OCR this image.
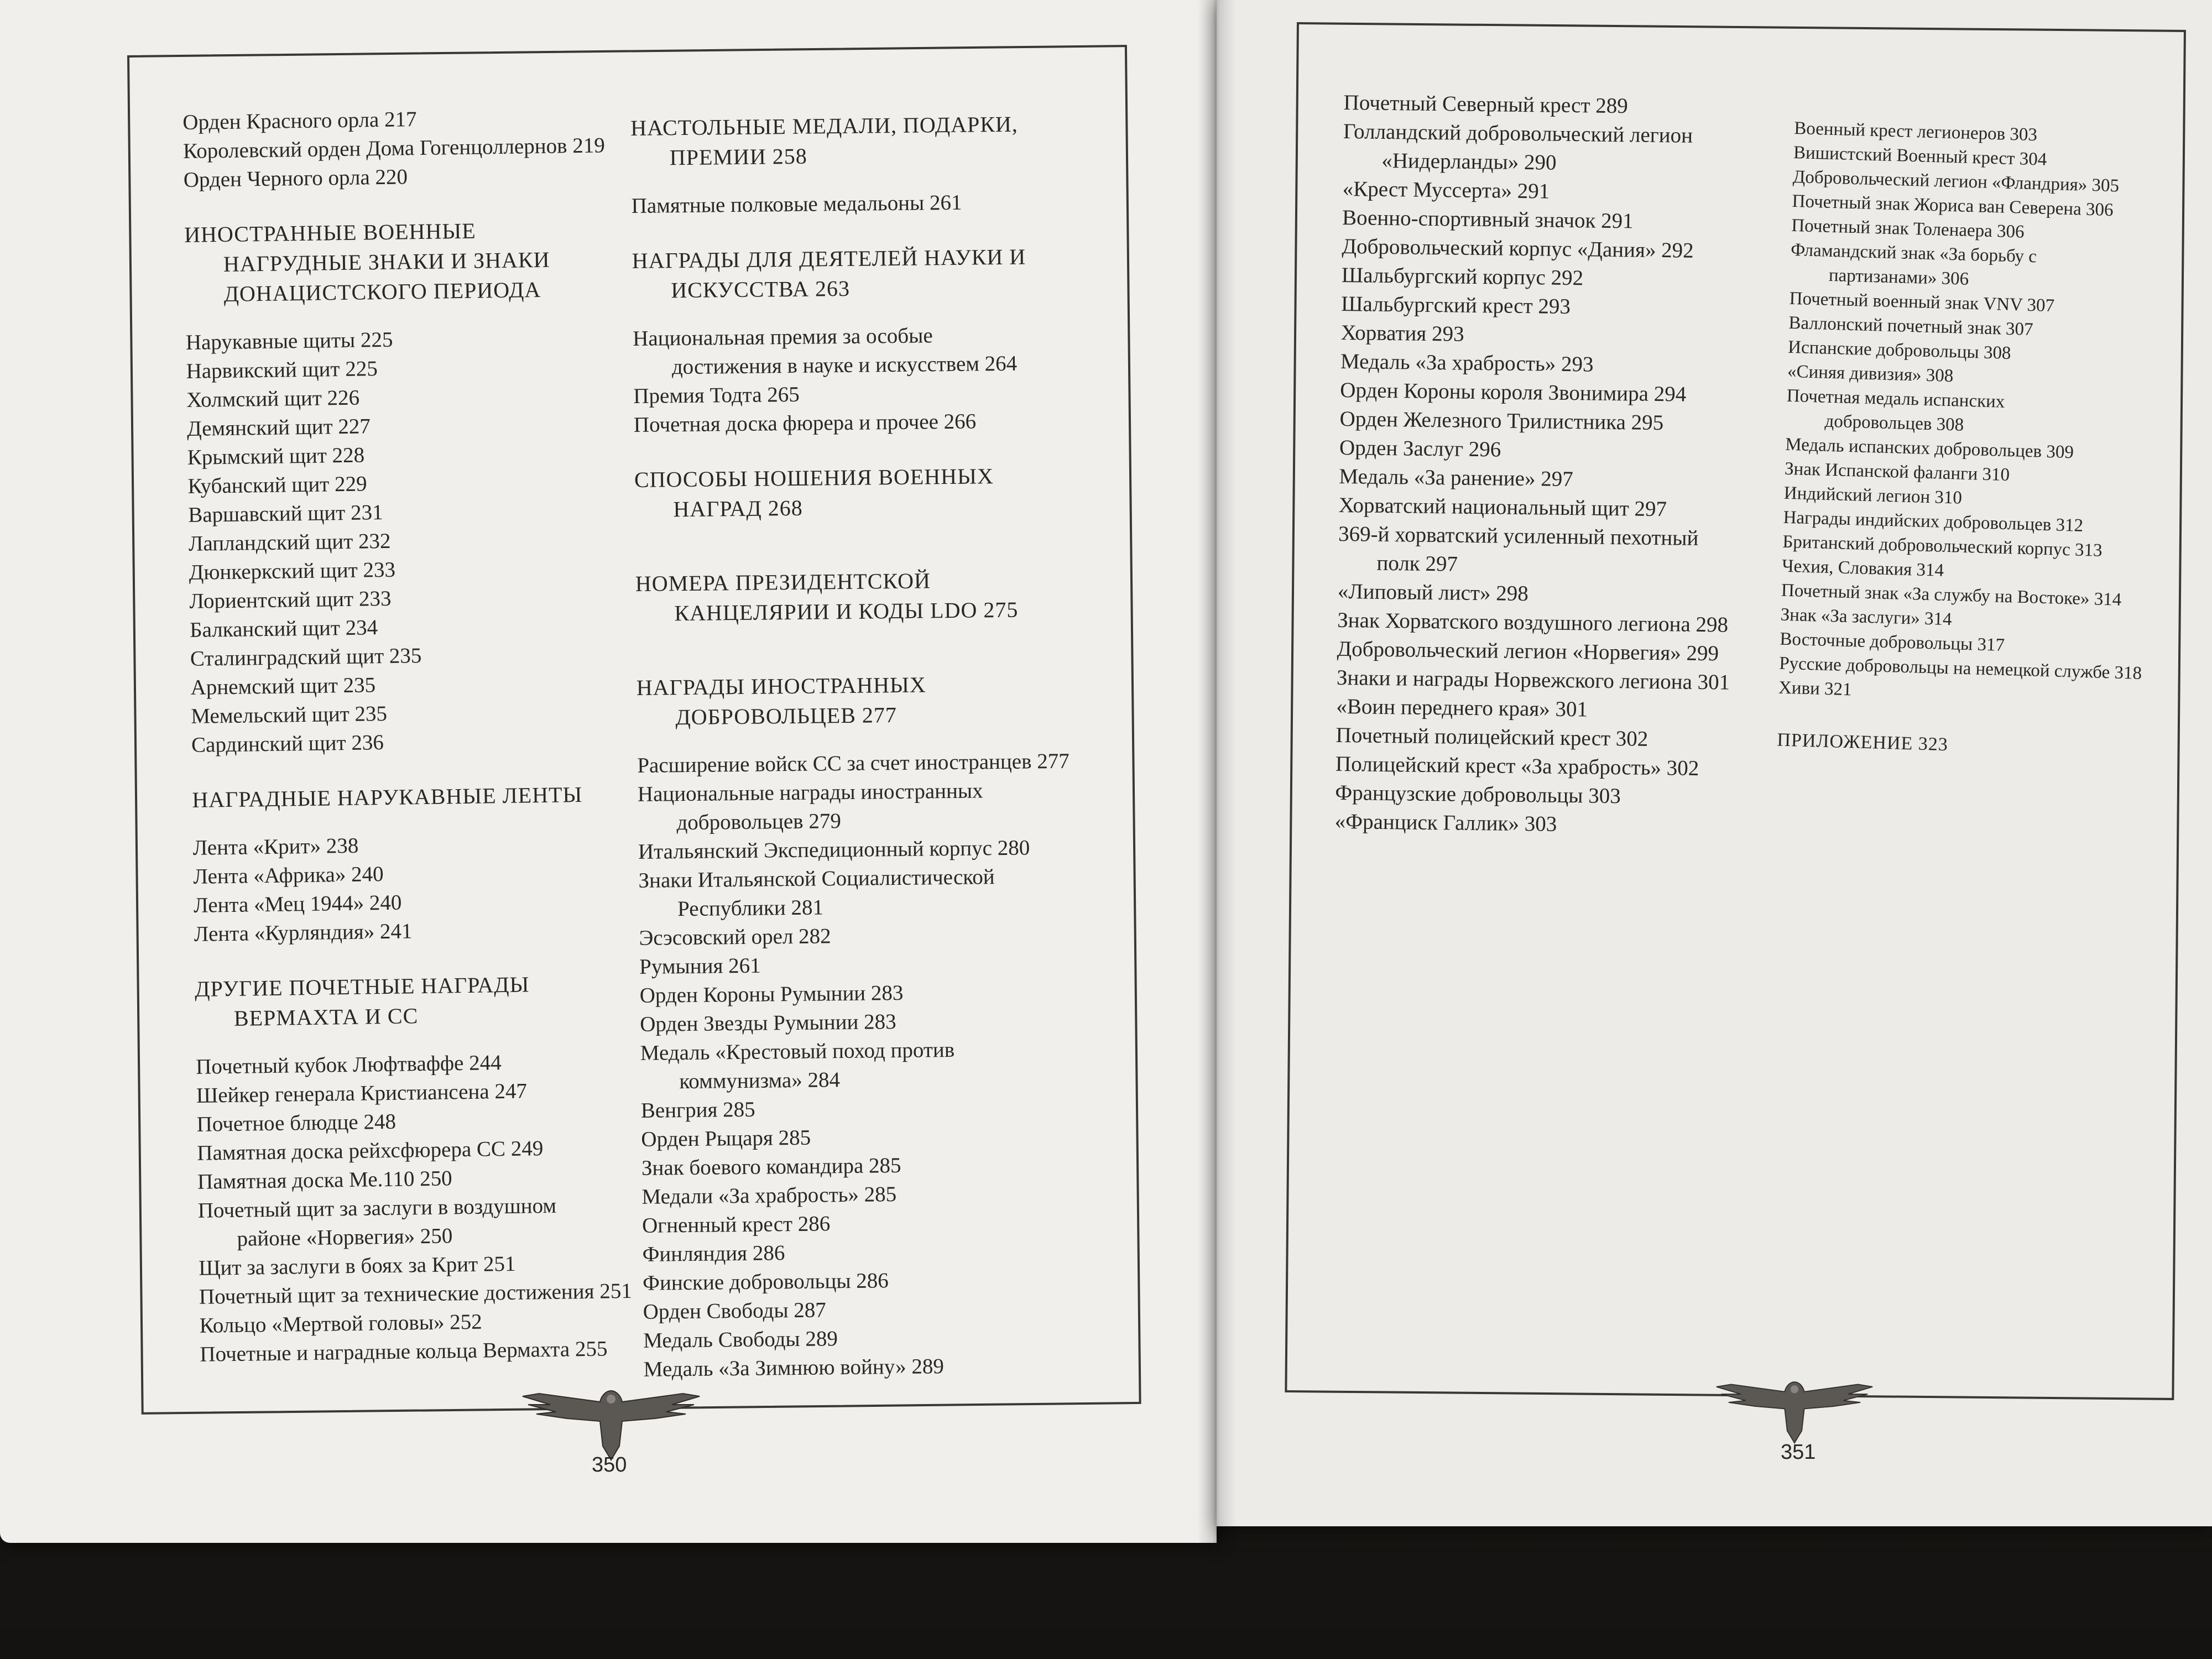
Орден Красного орла 217
Королевский орден Дома Гогенцоллернов 219
Орден Черного орла 220
ИНОСТРАННЫЕ ВОЕННЫЕ

НАГРУДНЫЕ ЗНАКИ И ЗНАКИ
ДОНАЦИСТСКОГО ПЕРИОДА
Нарукавные щиты 225
Нарвикский щит 225
Холмский щит 226
Демянский щит 227
Крымский щит 228
Кубанский щит 229
Варшавский щит 231
Лапландский щит 232
Дюнкеркский щит 233
Лориентский щит 233
Балканский щит 234
Сталинградский щит 235
Арнемский щит 235
Мемельский щит 235
Сардинский щит 236
НАГРАДНЫЕ НАРУКАВНЫЕ ЛЕНТЫ
Лента «Крит» 238
Лента «Африка» 240
Лента «Мец 1944» 240
Лента «Курляндия» 241
ДРУГИЕ ПОЧЕТНЫЕ НАГРАДЫ

ВЕРМАХТА И СС
Почетный кубок Люфтваффе 244
Шейкер генерала Кристиансена 247
Почетное блюдце 248
Памятная доска рейхсфюрера СС 249
Памятная доска Ме.110 250
Почетный щит за заслуги в воздушном
районе «Норвегия» 250
Щит за заслуги в боях за Крит 251
Почетный щит за технические достижения 251
Кольцо «Мертвой головы» 252
Почетные и наградные кольца Вермахта 255
НАСТОЛЬНЫЕ МЕДАЛИ, ПОДАРКИ,

ПРЕМИИ 258
Памятные полковые медальоны 261
НАГРАДЫ ДЛЯ ДЕЯТЕЛЕЙ НАУКИ И

ИСКУССТВА 263
Национальная премия за особые
достижения в науке и искусствем 264
Премия Тодта 265
Почетная доска фюрера и прочее 266
СПОСОБЫ НОШЕНИЯ ВОЕННЫХ

НАГРАД 268
НОМЕРА ПРЕЗИДЕНТСКОЙ

КАНЦЕЛЯРИИ И КОДЫ LDO 275
НАГРАДЫ ИНОСТРАННЫХ

ДОБРОВОЛЬЦЕВ 277
Расширение войск СС за счет иностранцев 277
Национальные награды иностранных
добровольцев 279
Итальянский Экспедиционный корпус 280
Знаки Итальянской Социалистической
Республики 281
Эсэсовский орел 282
Румыния 261
Орден Короны Румынии 283
Орден Звезды Румынии 283
Медаль «Крестовый поход против
коммунизма» 284
Венгрия 285
Орден Рыцаря 285
Знак боевого командира 285
Медали «За храбрость» 285
Огненный крест 286
Финляндия 286
Финские добровольцы 286
Орден Свободы 287
Медаль Свободы 289
Медаль «За Зимнюю войну» 289
Почетный Северный крест 289
Голландский добровольческий легион
«Нидерланды» 290
«Крест Муссерта» 291
Военно-спортивный значок 291
Добровольческий корпус «Дания» 292
Шальбургский корпус 292
Шальбургский крест 293
Хорватия 293
Медаль «За храбрость» 293
Орден Короны короля Звонимира 294
Орден Железного Трилистника 295
Орден Заслуг 296
Медаль «За ранение» 297
Хорватский национальный щит 297
369-й хорватский усиленный пехотный
полк 297
«Липовый лист» 298
Знак Хорватского воздушного легиона 298
Добровольческий легион «Норвегия» 299
Знаки и награды Норвежского легиона 301
«Воин переднего края» 301
Почетный полицейский крест 302
Полицейский крест «За храбрость» 302
Французские добровольцы 303
«Франциск Галлик» 303
Военный крест легионеров 303
Вишистский Военный крест 304
Добровольческий легион «Фландрия» 305
Почетный знак Жориса ван Северена 306
Почетный знак Толенаера 306
Фламандский знак «За борьбу с
партизанами» 306
Почетный военный знак VNV 307
Валлонский почетный знак 307
Испанские добровольцы 308
«Синяя дивизия» 308
Почетная медаль испанских
добровольцев 308
Медаль испанских добровольцев 309
Знак Испанской фаланги 310
Индийский легион 310
Награды индийских добровольцев 312
Британский добровольческий корпус 313
Чехия, Словакия 314
Почетный знак «За службу на Востоке» 314
Знак «За заслуги» 314
Восточные добровольцы 317
Русские добровольцы на немецкой службе 318
Хиви 321
ПРИЛОЖЕНИЕ 323
350
351
